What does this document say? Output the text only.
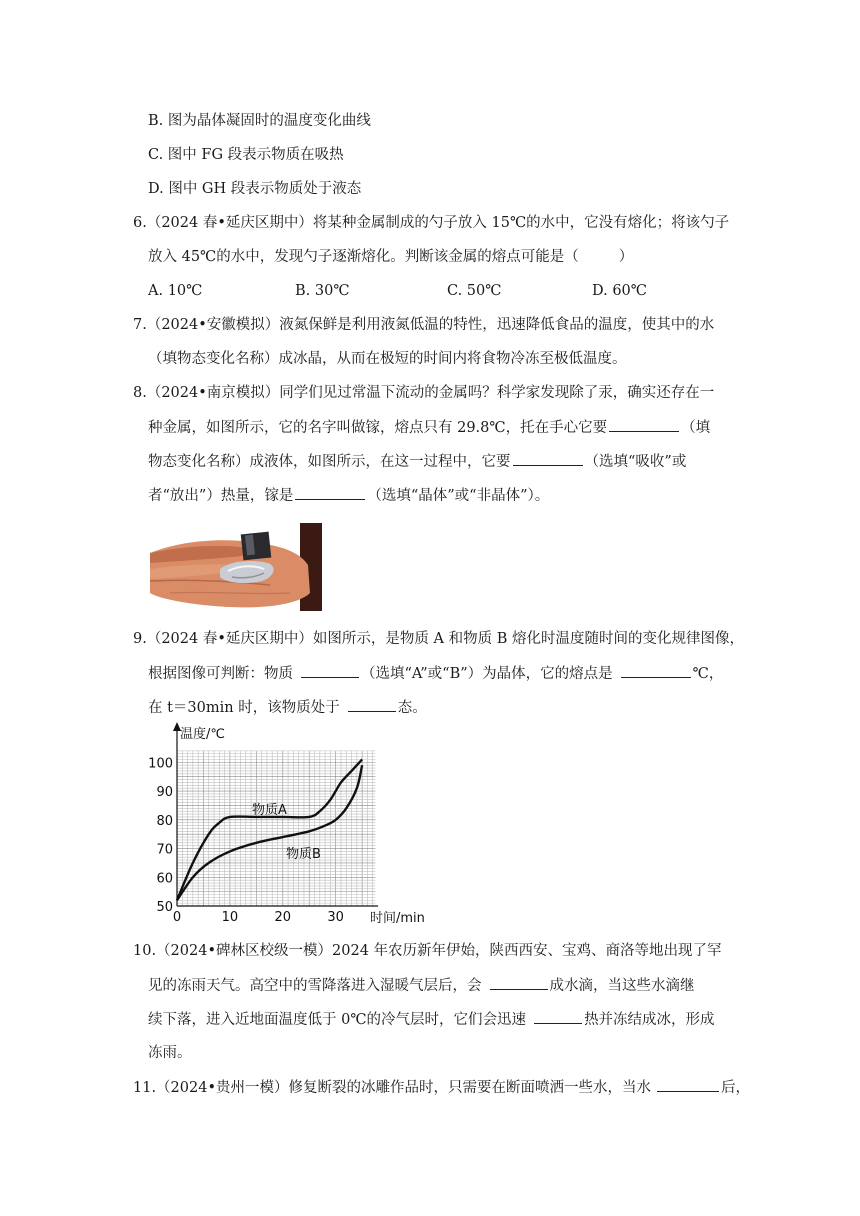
B. 图为晶体凝固时的温度变化曲线
C. 图中 FG 段表示物质在吸热
D. 图中 GH 段表示物质处于液态
6.（2024 春•延庆区期中）将某种金属制成的勺子放入 15℃的水中，它没有熔化；将该勺子
放入 45℃的水中，发现勺子逐渐熔化。判断该金属的熔点可能是（	）
A. 10℃	B. 30℃	C. 50℃	D. 60℃
7.（2024•安徽模拟）液氮保鲜是利用液氮低温的特性，迅速降低食品的温度，使其中的水
（填物态变化名称）成冰晶，从而在极短的时间内将食物冷冻至极低温度。
8.（2024•南京模拟）同学们见过常温下流动的金属吗？科学家发现除了汞，确实还存在一
种金属，如图所示，它的名字叫做镓，熔点只有 29.8℃，托在手心它要	（填
物态变化名称）成液体，如图所示，在这一过程中，它要	（选填“吸收”或
者“放出”）热量，镓是	（选填“晶体”或“非晶体”）。
9.（2024 春•延庆区期中）如图所示，是物质 A 和物质 B 熔化时温度随时间的变化规律图像，
根据图像可判断：物质	（选填“A”或“B”）为晶体，它的熔点是	℃，
在 t＝30min 时，该物质处于	态。
0	10	20	30
50
60
70
80
90
100
温度/℃
时间/min
物质A
物质B
10.（2024•碑林区校级一模）2024 年农历新年伊始，陕西西安、宝鸡、商洛等地出现了罕
见的冻雨天气。高空中的雪降落进入湿暖气层后，会	成水滴，当这些水滴继
续下落，进入近地面温度低于 0℃的冷气层时，它们会迅速	热并冻结成冰，形成
冻雨。
11.（2024•贵州一模）修复断裂的冰雕作品时，只需要在断面喷洒一些水，当水	后，
